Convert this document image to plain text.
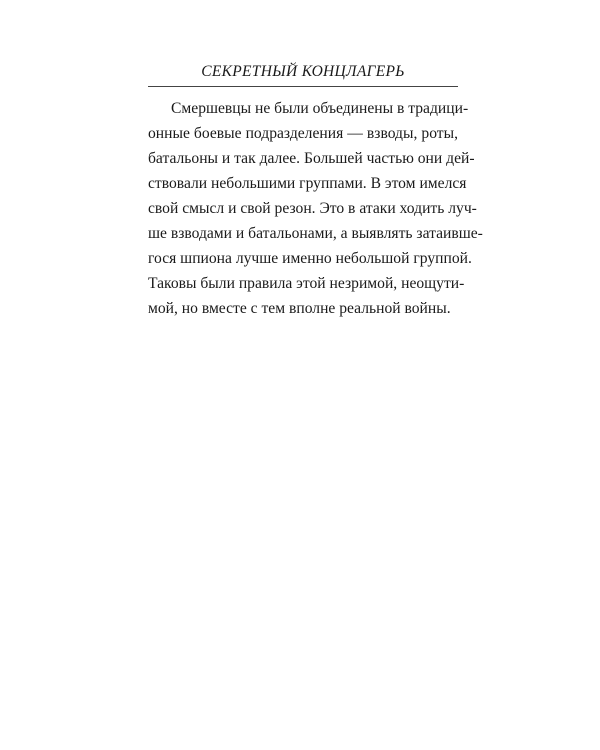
СЕКРЕТНЫЙ КОНЦЛАГЕРЬ
Смершевцы не были объединены в традици-
онные боевые подразделения — взводы, роты,
батальоны и так далее. Большей частью они дей-
ствовали небольшими группами. В этом имелся
свой смысл и свой резон. Это в атаки ходить луч-
ше взводами и батальонами, а выявлять затаивше-
гося шпиона лучше именно небольшой группой.
Таковы были правила этой незримой, неощути-
мой, но вместе с тем вполне реальной войны.
